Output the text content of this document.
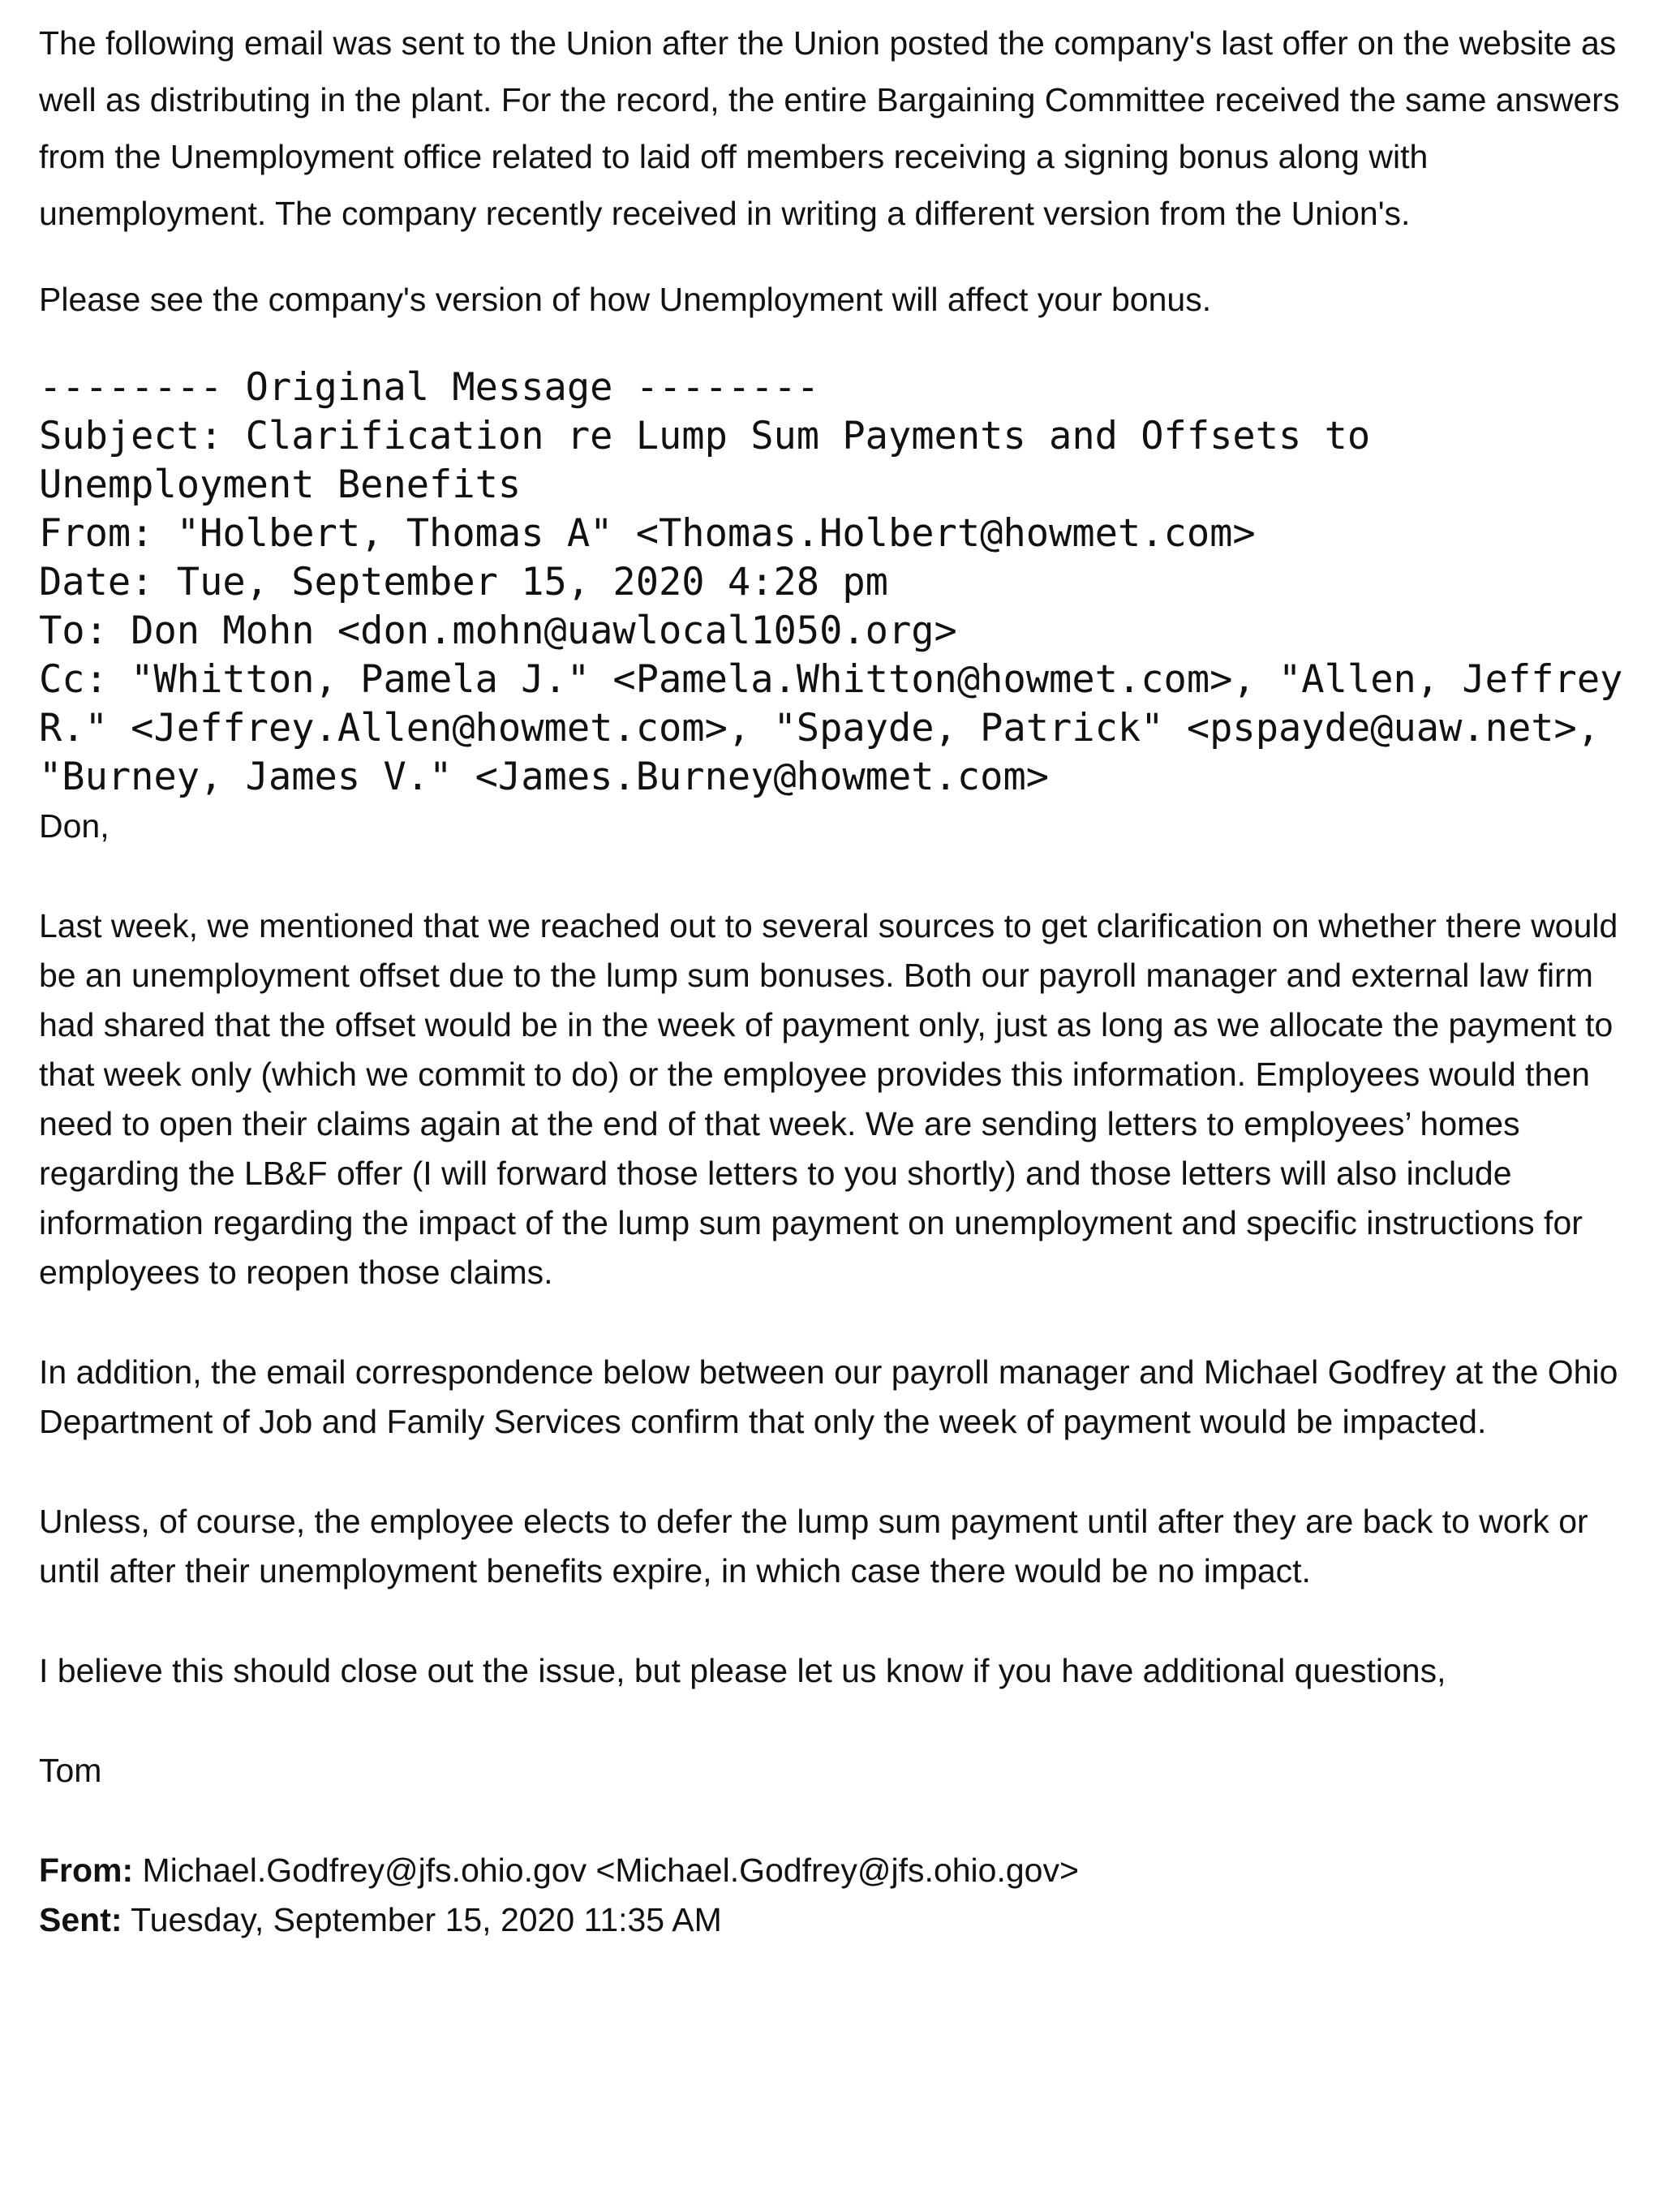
The following email was sent to the Union after the Union posted the company's last offer on the website as well as distributing in the plant. For the record, the entire Bargaining Committee received the same answers from the Unemployment office related to laid off members receiving a signing bonus along with unemployment. The company recently received in writing a different version from the Union's.

Please see the company's version of how Unemployment will affect your bonus.

-------- Original Message --------

Subject: Clarification re Lump Sum Payments and Offsets to Unemployment Benefits

From: "Holbert, Thomas A" <Thomas.Holbert@howmet.com>

Date: Tue, September 15, 2020 4:28 pm

To: Don Mohn <don.mohn@uawlocal1050.org>

Cc: "Whitton, Pamela J." <Pamela.Whitton@howmet.com>, "Allen, Jeffrey R." <Jeffrey.Allen@howmet.com>, "Spayde, Patrick" <pspayde@uaw.net>, "Burney, James V." <James.Burney@howmet.com>

Don,

Last week, we mentioned that we reached out to several sources to get clarification on whether there would be an unemployment offset due to the lump sum bonuses. Both our payroll manager and external law firm had shared that the offset would be in the week of payment only, just as long as we allocate the payment to that week only (which we commit to do) or the employee provides this information. Employees would then need to open their claims again at the end of that week. We are sending letters to employees’ homes regarding the LB&F offer (I will forward those letters to you shortly) and those letters will also include information regarding the impact of the lump sum payment on unemployment and specific instructions for employees to reopen those claims.

In addition, the email correspondence below between our payroll manager and Michael Godfrey at the Ohio Department of Job and Family Services confirm that only the week of payment would be impacted.

Unless, of course, the employee elects to defer the lump sum payment until after they are back to work or until after their unemployment benefits expire, in which case there would be no impact.

I believe this should close out the issue, but please let us know if you have additional questions,

Tom

From: Michael.Godfrey@jfs.ohio.gov <Michael.Godfrey@jfs.ohio.gov>

Sent: Tuesday, September 15, 2020 11:35 AM
